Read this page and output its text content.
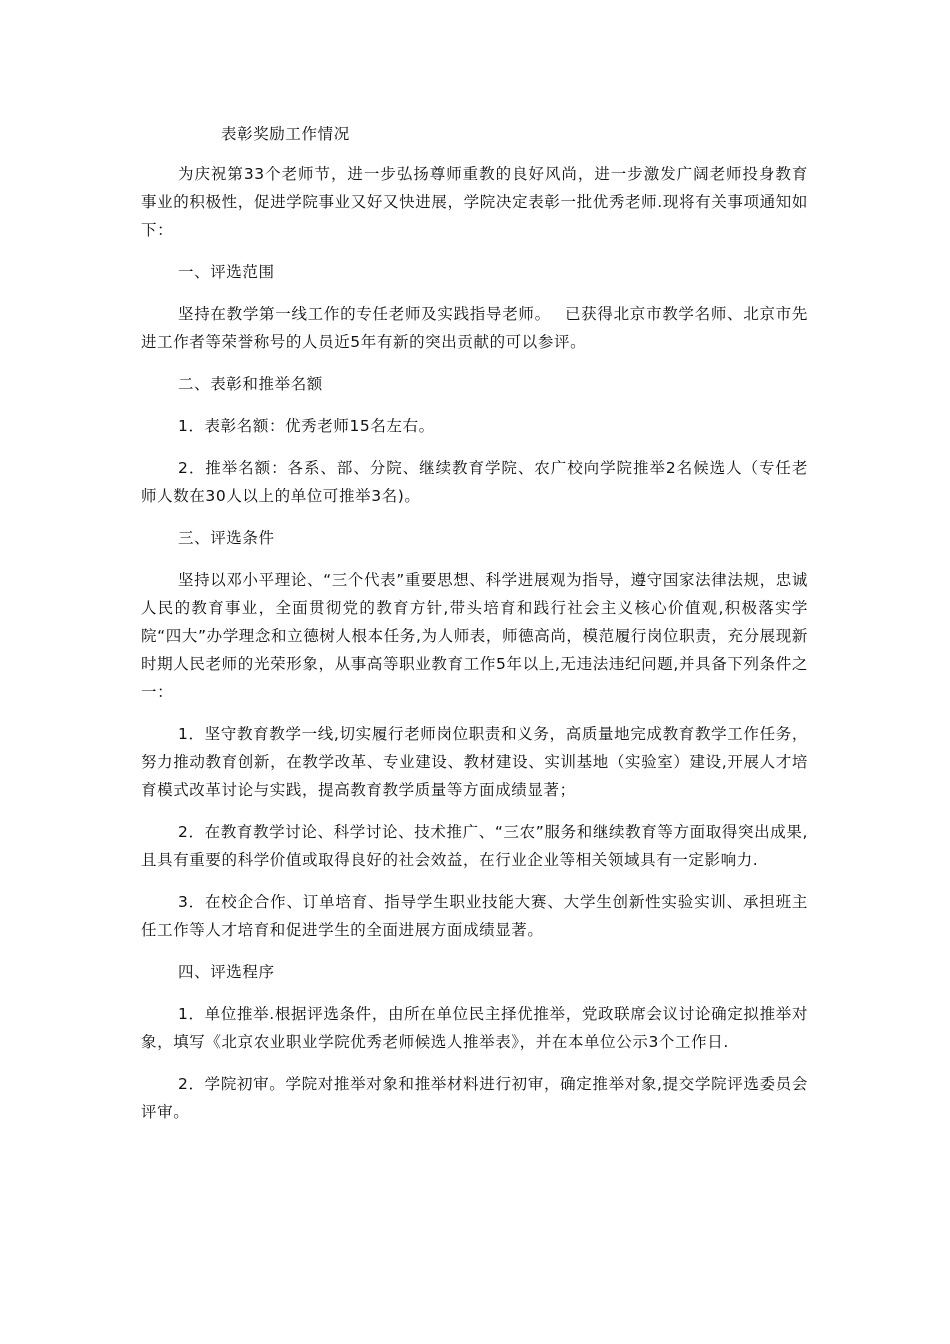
表彰奖励工作情况

为庆祝第33个老师节，进一步弘扬尊师重教的良好风尚，进一步激发广阔老师投身教育事业的积极性，促进学院事业又好又快进展，学院决定表彰一批优秀老师.现将有关事项通知如下：

一、评选范围

坚持在教学第一线工作的专任老师及实践指导老师。　 已获得北京市教学名师、北京市先进工作者等荣誉称号的人员近5年有新的突出贡献的可以参评。

二、表彰和推举名额

1．表彰名额：优秀老师15名左右。

2．推举名额：各系、部、分院、继续教育学院、农广校向学院推举2名候选人（专任老师人数在30人以上的单位可推举3名)。

三、评选条件

坚持以邓小平理论、“三个代表”重要思想、科学进展观为指导，遵守国家法律法规，忠诚人民的教育事业，全面贯彻党的教育方针,带头培育和践行社会主义核心价值观,积极落实学院“四大”办学理念和立德树人根本任务,为人师表，师德高尚，模范履行岗位职责，充分展现新时期人民老师的光荣形象，从事高等职业教育工作5年以上,无违法违纪问题,并具备下列条件之一：

1．坚守教育教学一线,切实履行老师岗位职责和义务，高质量地完成教育教学工作任务，努力推动教育创新，在教学改革、专业建设、教材建设、实训基地（实验室）建设,开展人才培育模式改革讨论与实践，提高教育教学质量等方面成绩显著；

2．在教育教学讨论、科学讨论、技术推广、“三农”服务和继续教育等方面取得突出成果,且具有重要的科学价值或取得良好的社会效益，在行业企业等相关领域具有一定影响力.

3．在校企合作、订单培育、指导学生职业技能大赛、大学生创新性实验实训、承担班主任工作等人才培育和促进学生的全面进展方面成绩显著。

四、评选程序

1．单位推举.根据评选条件，由所在单位民主择优推举，党政联席会议讨论确定拟推举对象，填写《北京农业职业学院优秀老师候选人推举表》，并在本单位公示3个工作日.

2．学院初审。学院对推举对象和推举材料进行初审，确定推举对象,提交学院评选委员会评审。
